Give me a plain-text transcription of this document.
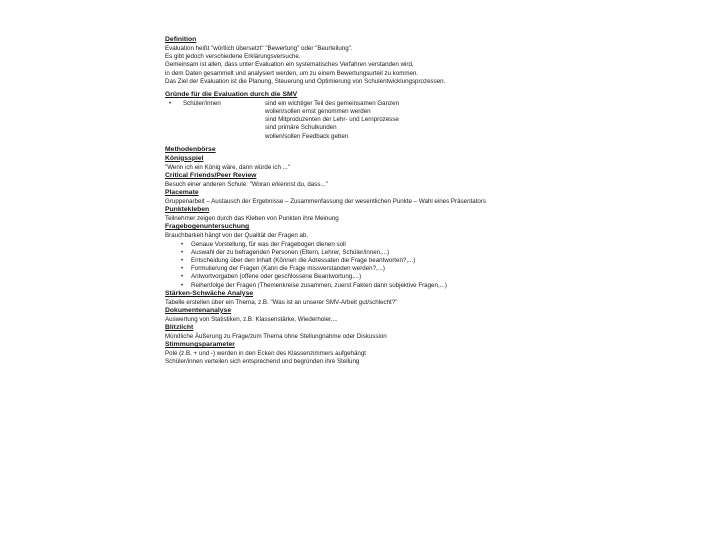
Definition
Evaluation heißt "wörtlich übersetzt" "Bewertung" oder "Beurteilung".
Es gibt jedoch verschiedene Erklärungsversuche.
Gemeinsam ist allen, dass unter Evaluation ein systematisches Verfahren verstanden wird,
in dem Daten gesammelt und analysiert werden, um zu einem Bewertungsurteil zu kommen.
Das Ziel der Evaluation ist die Planung, Steuerung und Optimierung von Schulentwicklungsprozessen.
Gründe für die Evaluation durch die SMV
•	Schüler/innen	sind ein wichtiger Teil des gemeinsamen Ganzen
wollen/sollen ernst genommen werden
sind Mitproduzenten der Lehr- und Lernprozesse
sind primäre Schulkunden
wollen/sollen Feedback geben
Methodenbörse
Königsspiel
"Wenn ich ein König wäre, dann würde ich ..."
Critical Friends/Peer Review
Besuch einer anderen Schule: "Woran erkennst du, dass..."
Placemate
Gruppenarbeit – Austausch der Ergebnisse – Zusammenfassung der wesentlichen Punkte – Wahl eines Präsentators
Punktekleben
Teilnehmer zeigen durch das Kleben von Punkten ihre Meinung
Fragebogenuntersuchung
Brauchbarkeit hängt von der Qualität der Fragen ab.
• Genaue Vorstellung, für was der Fragebogen dienen soll
• Auswahl der zu befragenden Personen (Eltern, Lehrer, Schüler/innen,...)
• Entscheidung über den Inhalt (Können die Adressaten die Frage beantworten?,...)
• Formulierung der Fragen (Kann die Frage missverstanden werden?,...)
• Antwortvorgaben (offene oder geschlossene Beantwortung,...)
• Reihenfolge der Fragen (Themenkreise zusammen, zuerst Fakten dann subjektive Fragen,...)
Stärken-Schwäche Analyse
Tabelle erstellen über ein Thema, z.B. "Was ist an unserer SMV-Arbeit gut/schlecht?"
Dokumentenanalyse
Auswertung von Statistiken, z.B. Klassenstärke, Wiederholer,...
Blitzlicht
Mündliche Äußerung zu Frage/zum Thema ohne Stellungnahme oder Diskussion
Stimmungsparameter
Pole (z.B. + und -) werden in den Ecken des Klassenzimmers aufgehängt
Schüler/innen verteilen sich entsprechend und begründen ihre Stellung
